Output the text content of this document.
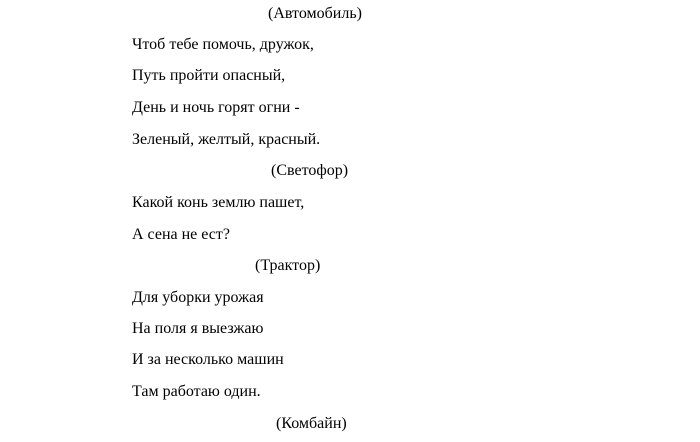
(Автомобиль)
Чтоб тебе помочь, дружок,
Путь пройти опасный,
День и ночь горят огни -
Зеленый, желтый, красный.
(Светофор)
Какой конь землю пашет,
А сена не ест?
(Трактор)
Для уборки урожая
На поля я выезжаю
И за несколько машин
Там работаю один.
(Комбайн)
